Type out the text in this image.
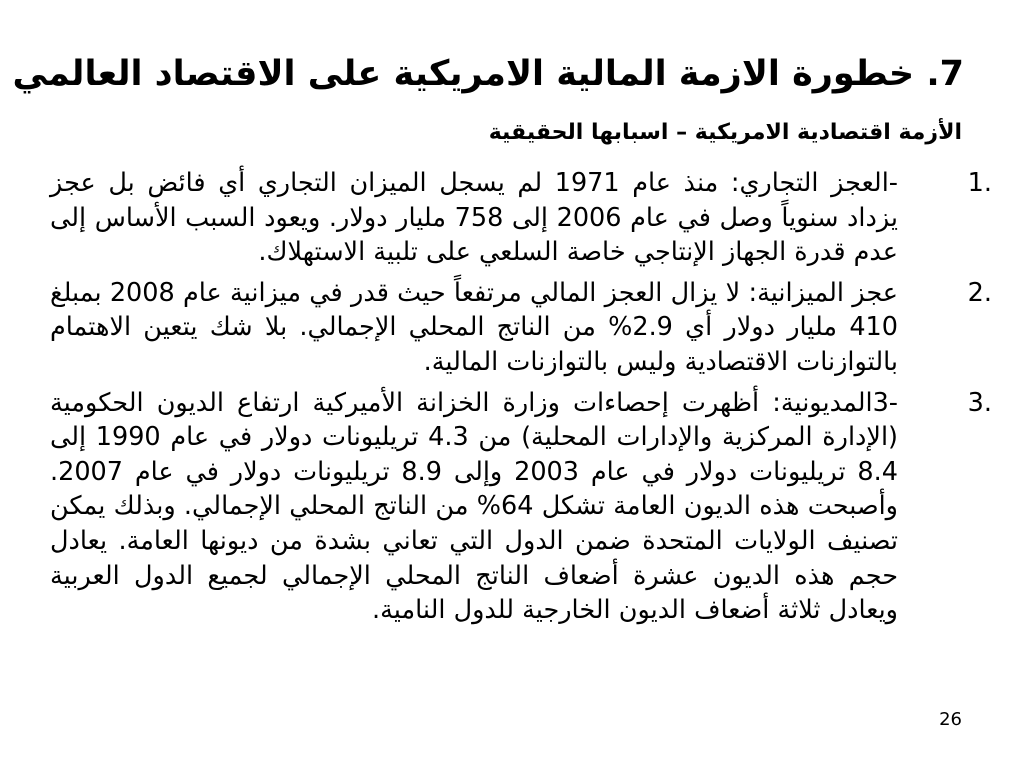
7. خطورة الازمة المالية الامريكية على الاقتصاد العالمي
الأزمة اقتصادية الامريكية – اسبابها الحقيقية
1.
-العجز التجاري: منذ عام 1971 لم يسجل الميزان التجاري أي فائض بل عجز يزداد سنوياً وصل في عام 2006 إلى 758 مليار دولار. ويعود السبب الأساس إلى عدم قدرة الجهاز الإنتاجي خاصة السلعي على تلبية الاستهلاك.
2.
عجز الميزانية: لا يزال العجز المالي مرتفعاً حيث قدر في ميزانية عام 2008 بمبلغ 410 مليار دولار أي 2.9% من الناتج المحلي الإجمالي. بلا شك يتعين الاهتمام بالتوازنات الاقتصادية وليس بالتوازنات المالية.
3.
-3المديونية: أظهرت إحصاءات وزارة الخزانة الأميركية ارتفاع الديون الحكومية (الإدارة المركزية والإدارات المحلية) من 4.3 تريليونات دولار في عام 1990 إلى 8.4 تريليونات دولار في عام 2003 وإلى 8.9 تريليونات دولار في عام 2007. وأصبحت هذه الديون العامة تشكل 64% من الناتج المحلي الإجمالي. وبذلك يمكن تصنيف الولايات المتحدة ضمن الدول التي تعاني بشدة من ديونها العامة. يعادل حجم هذه الديون عشرة أضعاف الناتج المحلي الإجمالي لجميع الدول العربية ويعادل ثلاثة أضعاف الديون الخارجية للدول النامية.
26
